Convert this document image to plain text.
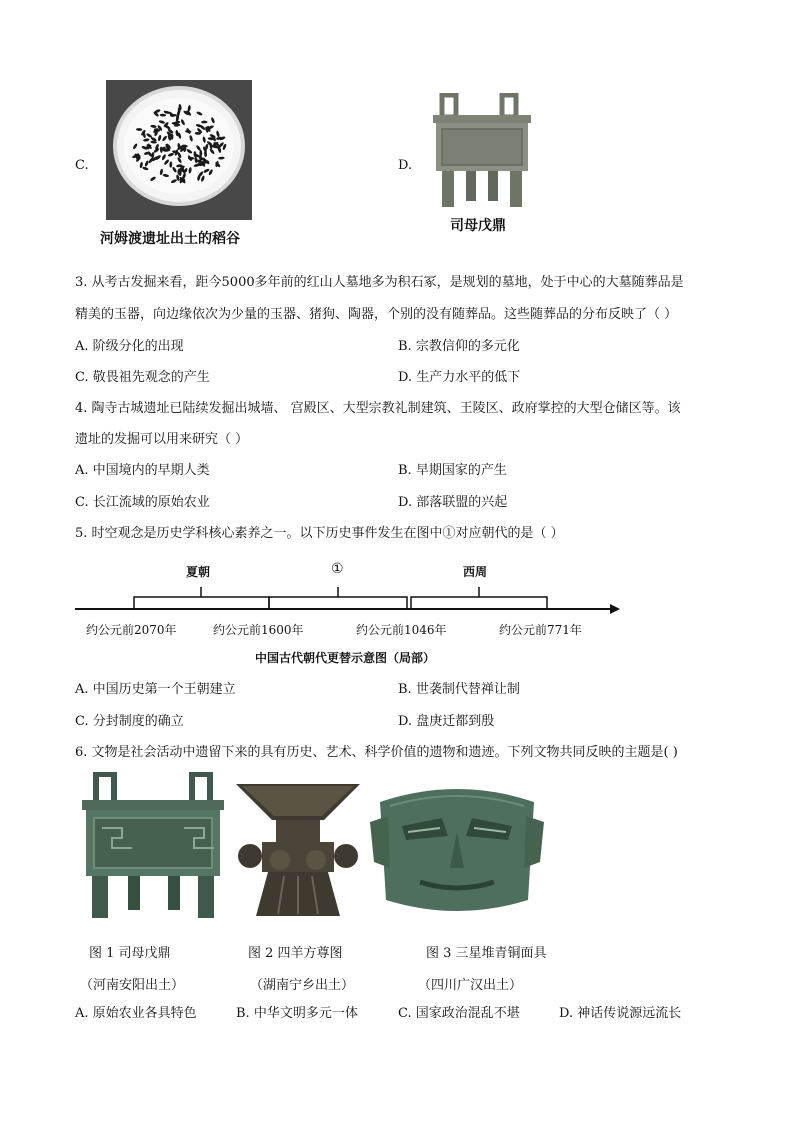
C.
河姆渡遗址出土的稻谷
D.
司母戊鼎
3. 从考古发掘来看，距今5000多年前的红山人墓地多为积石冢，是规划的墓地，处于中心的大墓随葬品是
精美的玉器，向边缘依次为少量的玉器、猪狗、陶器，个别的没有随葬品。这些随葬品的分布反映了（ ）
A. 阶级分化的出现	B. 宗教信仰的多元化
C. 敬畏祖先观念的产生	D. 生产力水平的低下
4. 陶寺古城遗址已陆续发掘出城墙、 宫殿区、大型宗教礼制建筑、王陵区、政府掌控的大型仓储区等。该
遗址的发掘可以用来研究（ ）
A. 中国境内的早期人类	B. 早期国家的产生
C. 长江流域的原始农业	D. 部落联盟的兴起
5. 时空观念是历史学科核心素养之一。以下历史事件发生在图中①对应朝代的是（ ）
夏朝	①	西周
约公元前2070年	约公元前1600年	约公元前1046年	约公元前771年
中国古代朝代更替示意图（局部）
A. 中国历史第一个王朝建立	B. 世袭制代替禅让制
C. 分封制度的确立	D. 盘庚迁都到殷
6. 文物是社会活动中遗留下来的具有历史、艺术、科学价值的遗物和遗迹。下列文物共同反映的主题是( )
图 1 司母戊鼎
（河南安阳出土）
图 2 四羊方尊图
（湖南宁乡出土）
图 3 三星堆青铜面具
（四川广汉出土）
A. 原始农业各具特色	B. 中华文明多元一体	C. 国家政治混乱不堪	D. 神话传说源远流长
